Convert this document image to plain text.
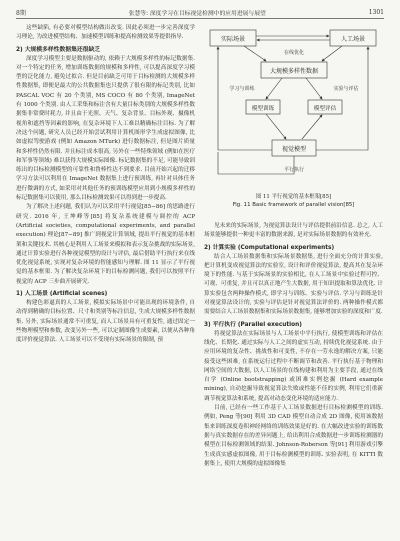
8期	张慧等: 深度学习在目标视觉检测中的应用进展与展望	1301

这些缺陷, 有必要对模型结构做出改变. 因此必须进一步完善深度学习理论, 为改进模型结构、加速模型训练和提高检测效果等提供指导.

2) 大规模多样性数据集还很缺乏

深度学习模型主要是数据驱动的, 依赖于大规模多样性的标记数据集. 对一个特定的任务, 增加训练数据的规模和多样性, 可以提高深度学习模型的泛化能力, 避免过拟合. 但是目前缺乏可用于目标检测的大规模多样性数据集, 即便是最大的公共数据集也只提供了很有限的标记类别, 比如 PASCAL VOC 有 20 个类别, MS COCO 有 80 个类别, ImageNet 有 1000 个类别. 由人工采集和标注含有大量目标类别的大规模多样性数据集非常费时耗力, 并且由于光照、天气、复杂背景、目标外观、摄像机视角和遮挡等因素的影响, 在复杂环境下人工难以精确标注目标. 为了解决这个问题, 研究人员已经开始尝试利用计算机图形学生成虚拟图像, 比如虚拟驾驶游戏 (例如 Amazon MTurk) 进行数据标注, 但是图片质量和多样性仍然有限. 并且标注成本很高, 另外在一些特殊领域 (例如在医疗和军事等领域) 难以获得大规模实际图像. 标记数据集的不足, 可能导致训练出的目标检测模型的可靠性和鲁棒性达不到要求. 目前开始兴起的迁移学习方法可以利用在 ImageNet 数据集上进行预训练, 再针对具体任务进行微调的方式, 如采用对其他任务的预训练模型应用到小规模多样性的标记数据集可以使用, 那么目标检测效果可以得到进一步提高.

为了解决上述问题, 我们认为可以采用平行视觉[85−86] 的思路进行研究. 2016 年, 王坤峰等[85] 将复杂系统建模与调控的 ACP (Artificial societies, computational experiments, and parallel execution) 理论[87−89] 推广到视觉计算领域, 提出平行视觉的基本框架和关键技术. 其核心是利用人工场景来模拟和表示复杂挑战的实际场景, 通过计算实验进行各种视觉模型的设计与评估, 最后借助平行执行来在线优化视觉系统, 实现对复杂环境的智能感知与理解. 图 11 显示了平行视觉的基本框架. 为了解决复杂环境下的目标检测问题, 我们可以按照平行视觉的 ACP 三步曲开展研究.

1) 人工场景 (Artificial scenes)

构建色彩逼真的人工场景, 模拟实际场景中可能出现的环境条件, 自动得到精确的目标位置、尺寸和类别等标注信息, 生成大规模多样性数据集. 另外, 实际场景通常不可重复, 而人工场景具有可重复性, 通过固定一些物理模型和参数, 改变另外一些, 可以定制图像生成要素, 以便从各种角度评价视觉算法. 人工场景可以不受现有实际场景的限制, 预

实际场景	人工场景
大规模多样性数据
模型训练	模型评估
视觉模型
学习与训练	实验与评估
在线优化
平行执行
图 11 平行视觉的基本框架[85]
Fig. 11 Basic framework of parallel vision[85]

见未来的实际场景, 为视觉算法设计与评估提供前沿信息. 总之, 人工场景能够提供一种更丰富的数据来源, 是对实际场景数据的有效补充.

2) 计算实验 (Computational experiments)

结合人工场景数据集和实际场景数据集, 进行全面充分的计算实验, 把计算机变成视觉算法的实验室, 设计和评价视觉算法, 提高其在复杂环境下的性能. 与基于实际场景的实验相比, 在人工场景中实验过程可控、可观、可重复, 并且可以真正地产生大数据, 用于知识提取和算法优化. 计算实验包含两种操作模式, 即学习与训练、实验与评估. 学习与训练是针对视觉算法设计的, 实验与评估是针对视觉算法评价的. 两种操作模式都需要结合人工场景数据集和实际场景数据集, 能够增加实验的深度和广度.

3) 平行执行 (Parallel execution)

将视觉算法在实际场景与人工场景中平行执行, 使模型训练和评估在线化、长期化. 通过实际与人工之间的虚实互动, 持续优化视觉系统. 由于应用环境的复杂性、挑战性和可变性, 不存在一劳永逸的解决方案, 只能接受这些困难, 在系统运行过程中不断调节和改善. 平行执行基于物理和网络空间的大数据, 以人工场景的在线构建和利用为主要手段, 通过在线自学 (Online bootstrapping) 或困难实例挖掘 (Hard example mining), 自动挖掘导致视觉算法失败或性能不佳的实例, 利用它们重新调节视觉算法和系统, 提高对动态变化环境的适应能力.

目前, 已经有一些工作基于人工场景数据进行目标检测模型的训练. 例如, Peng 等[90] 利用 3D CAD 模型自动合成 2D 图像, 使用该数据集来训练深度卷积神经网络的训练效果是好的. 在大幅改进实验的训练数据与真实数据存在的差异问题上, 给出利用合成数据进一步训练检测器的模型在目标检测领域的结果. Johnson-Roberson 等[91] 利用游戏引擎生成真实感虚拟图像, 用于目标检测模型的训练. 实验表明, 在 KITTI 数据集上, 使用大规模的虚拟图像集
